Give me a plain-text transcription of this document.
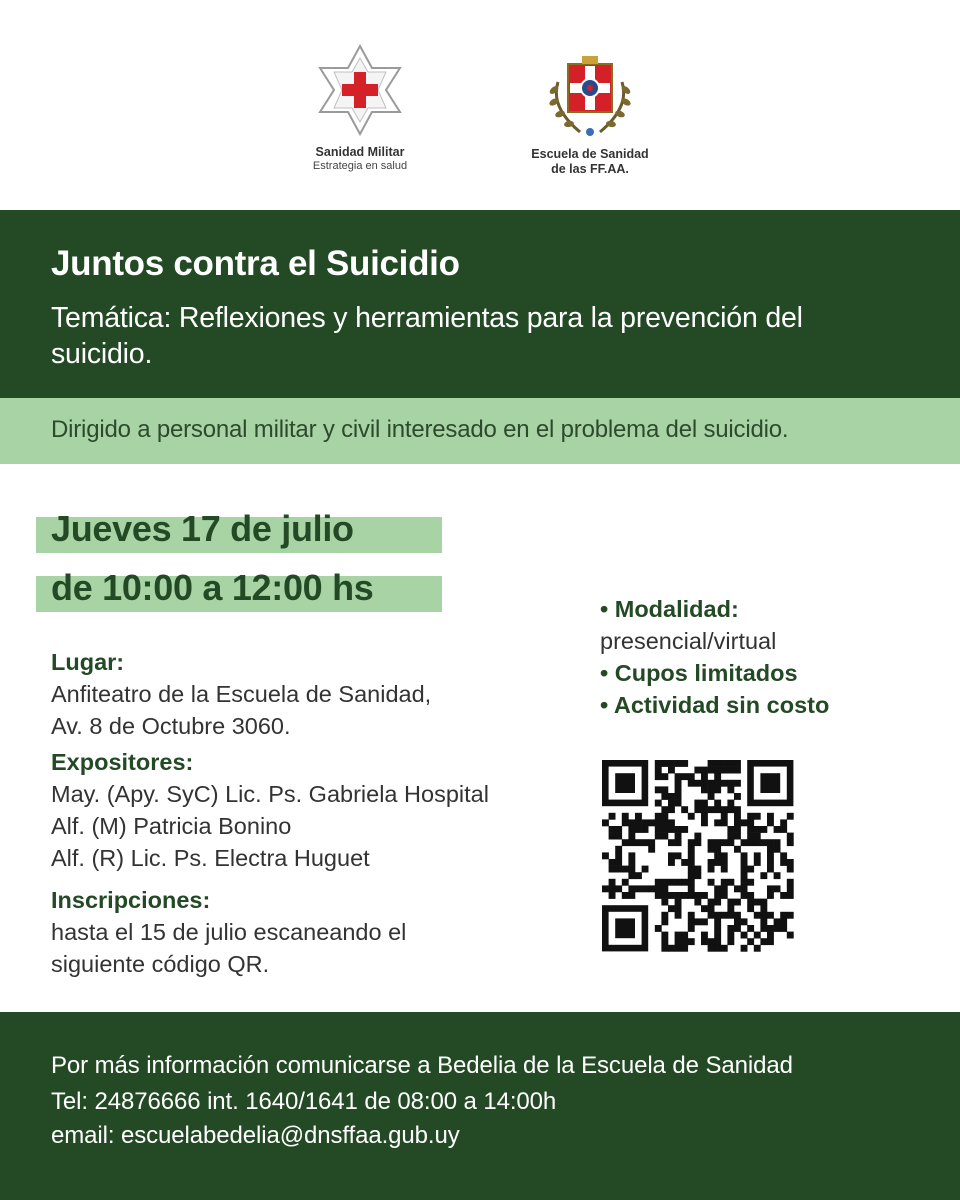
Sanidad Militar
Estrategia en salud
Escuela de Sanidad
de las FF.AA.
Juntos contra el Suicidio

Temática: Reflexiones y herramientas para la prevención del suicidio.

Dirigido a personal militar y civil interesado en el problema del suicidio.

Jueves 17 de julio
de 10:00 a 12:00 hs
Lugar:
Anfiteatro de la Escuela de Sanidad,
Av. 8 de Octubre 3060.
Expositores:
May. (Apy. SyC) Lic. Ps. Gabriela Hospital
Alf. (M) Patricia Bonino
Alf. (R) Lic. Ps. Electra Huguet
Inscripciones:
hasta el 15 de julio escaneando el
siguiente código QR.
• Modalidad:
presencial/virtual
• Cupos limitados
• Actividad sin costo
Por más información comunicarse a Bedelia de la Escuela de Sanidad
Tel: 24876666 int. 1640/1641 de 08:00 a 14:00h
email: escuelabedelia@dnsffaa.gub.uy
